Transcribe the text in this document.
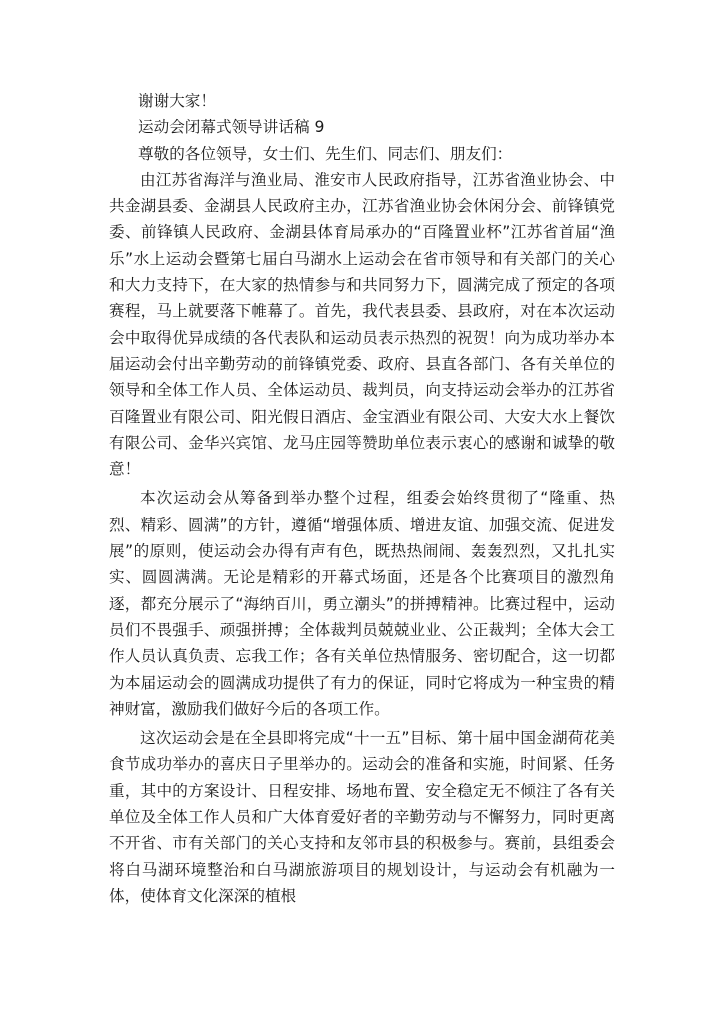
谢谢大家！

运动会闭幕式领导讲话稿 9

尊敬的各位领导，女士们、先生们、同志们、朋友们：

由江苏省海洋与渔业局、淮安市人民政府指导，江苏省渔业协会、中共金湖县委、金湖县人民政府主办，江苏省渔业协会休闲分会、前锋镇党委、前锋镇人民政府、金湖县体育局承办的“百隆置业杯”江苏省首届“渔乐”水上运动会暨第七届白马湖水上运动会在省市领导和有关部门的关心和大力支持下，在大家的热情参与和共同努力下，圆满完成了预定的各项赛程，马上就要落下帷幕了。首先，我代表县委、县政府，对在本次运动会中取得优异成绩的各代表队和运动员表示热烈的祝贺！向为成功举办本届运动会付出辛勤劳动的前锋镇党委、政府、县直各部门、各有关单位的领导和全体工作人员、全体运动员、裁判员，向支持运动会举办的江苏省百隆置业有限公司、阳光假日酒店、金宝酒业有限公司、大安大水上餐饮有限公司、金华兴宾馆、龙马庄园等赞助单位表示衷心的感谢和诚挚的敬意！

本次运动会从筹备到举办整个过程，组委会始终贯彻了“隆重、热烈、精彩、圆满”的方针，遵循“增强体质、增进友谊、加强交流、促进发展”的原则，使运动会办得有声有色，既热热闹闹、轰轰烈烈，又扎扎实实、圆圆满满。无论是精彩的开幕式场面，还是各个比赛项目的激烈角逐，都充分展示了“海纳百川，勇立潮头”的拼搏精神。比赛过程中，运动员们不畏强手、顽强拼搏；全体裁判员兢兢业业、公正裁判；全体大会工作人员认真负责、忘我工作；各有关单位热情服务、密切配合，这一切都为本届运动会的圆满成功提供了有力的保证，同时它将成为一种宝贵的精神财富，激励我们做好今后的各项工作。

这次运动会是在全县即将完成“十一五”目标、第十届中国金湖荷花美食节成功举办的喜庆日子里举办的。运动会的准备和实施，时间紧、任务重，其中的方案设计、日程安排、场地布置、安全稳定无不倾注了各有关单位及全体工作人员和广大体育爱好者的辛勤劳动与不懈努力，同时更离不开省、市有关部门的关心支持和友邻市县的积极参与。赛前，县组委会将白马湖环境整治和白马湖旅游项目的规划设计，与运动会有机融为一体，使体育文化深深的植根
